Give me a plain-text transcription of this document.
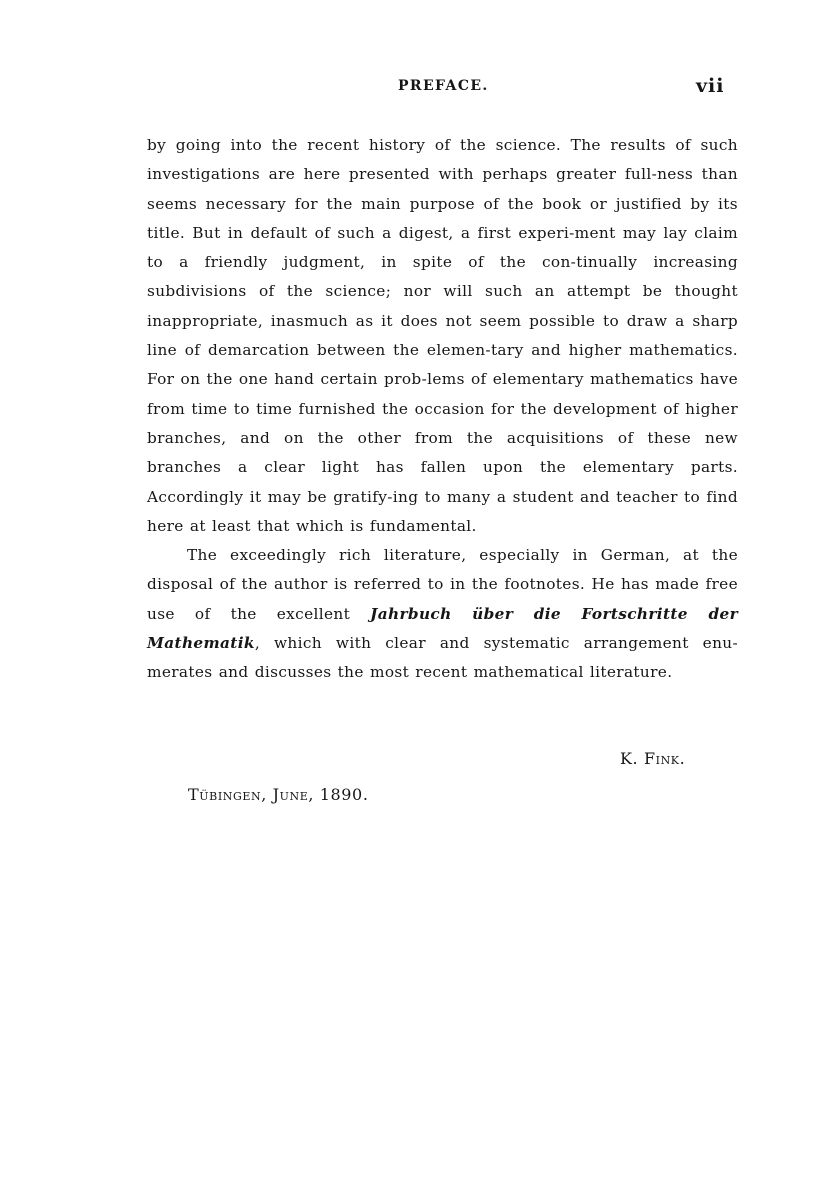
PREFACE.	vii

by going into the recent history of the science. The results of such investigations are here presented with perhaps greater full-ness than seems necessary for the main purpose of the book or justified by its title. But in default of such a digest, a first experi-ment may lay claim to a friendly judgment, in spite of the con-tinually increasing subdivisions of the science; nor will such an attempt be thought inappropriate, inasmuch as it does not seem possible to draw a sharp line of demarcation between the elemen-tary and higher mathematics. For on the one hand certain prob-lems of elementary mathematics have from time to time furnished the occasion for the development of higher branches, and on the other from the acquisitions of these new branches a clear light has fallen upon the elementary parts. Accordingly it may be gratify-ing to many a student and teacher to find here at least that which is fundamental.

The exceedingly rich literature, especially in German, at the disposal of the author is referred to in the footnotes. He has made free use of the excellent Jahrbuch über die Fortschritte der Mathematik, which with clear and systematic arrangement enu-merates and discusses the most recent mathematical literature.

K. Fink.
Tübingen, June, 1890.
